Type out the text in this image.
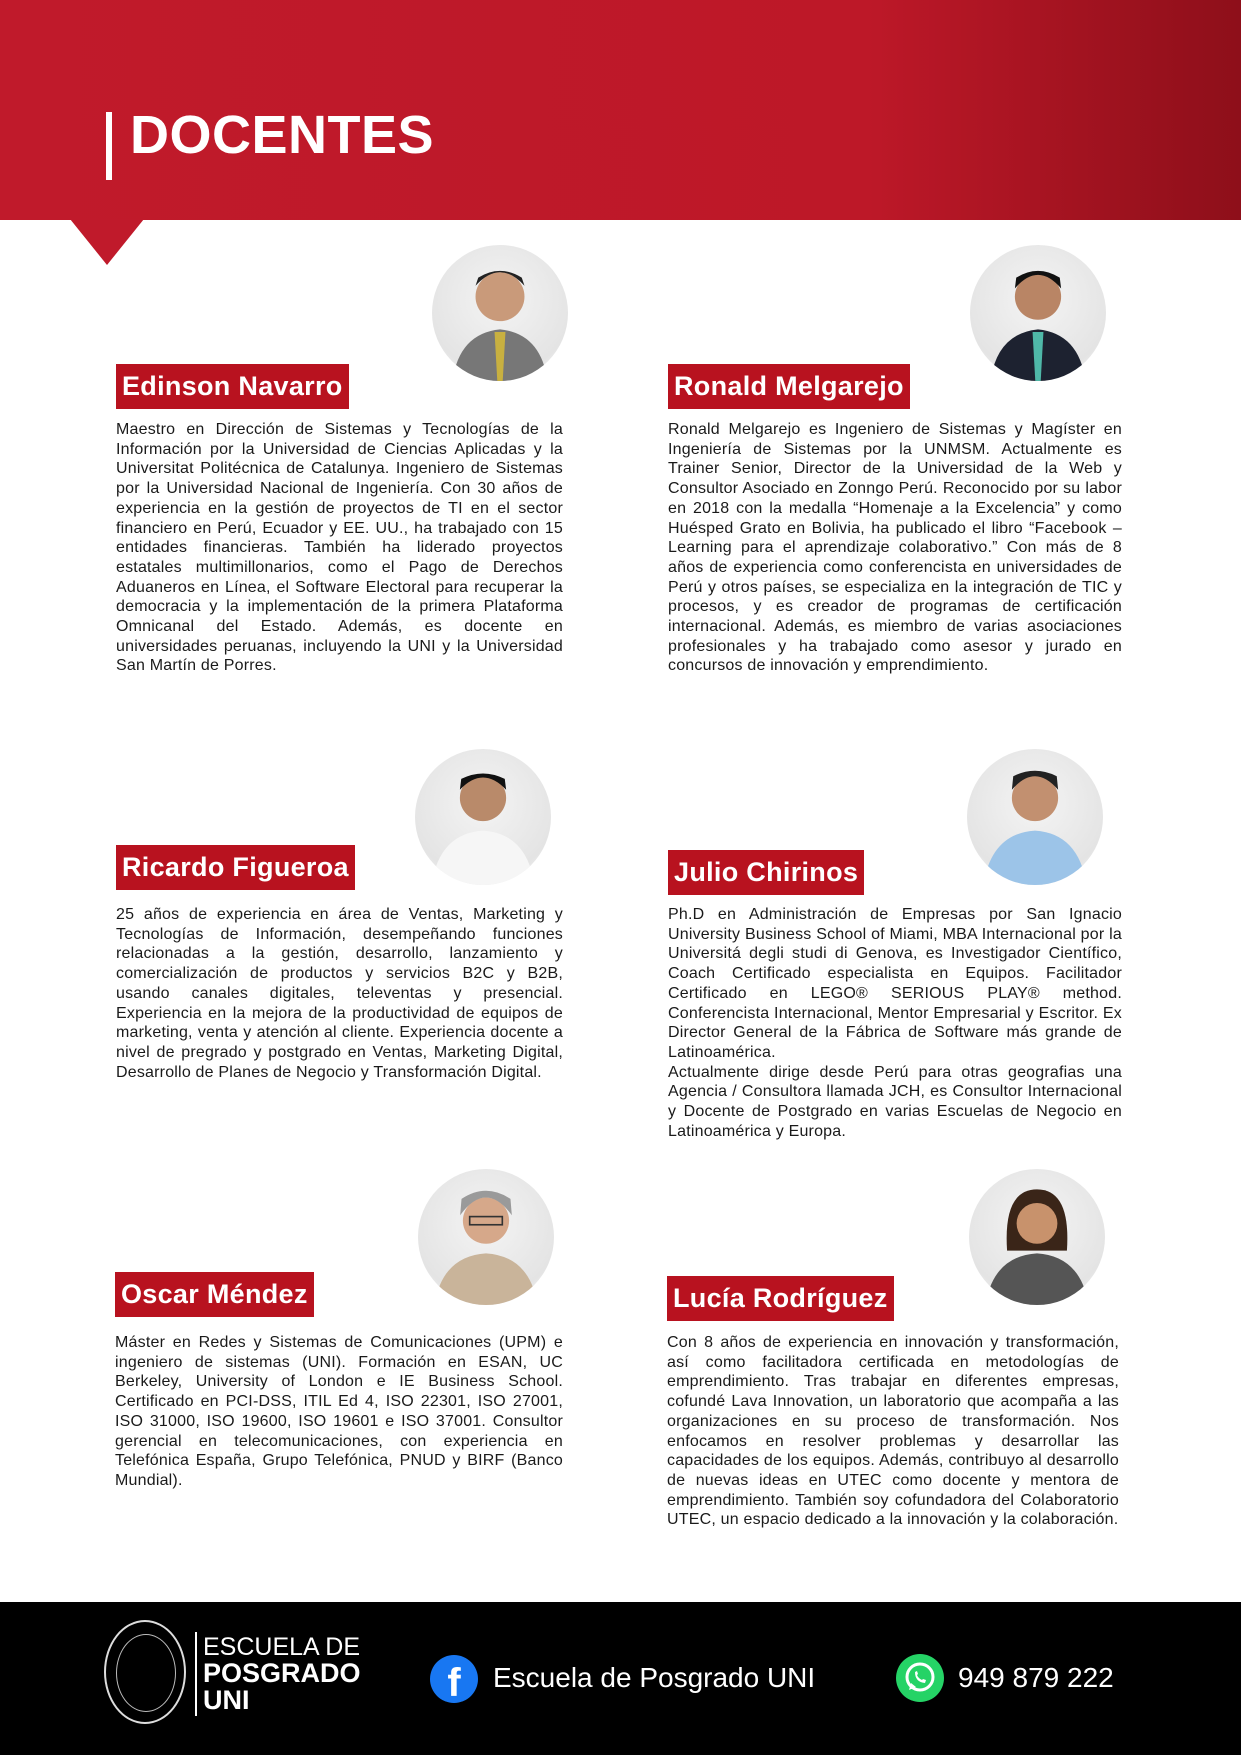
DOCENTES
Edinson Navarro
Maestro en Dirección de Sistemas y Tecnologías de la Información por la Universidad de Ciencias Aplicadas y la Universitat Politécnica de Catalunya. Ingeniero de Sistemas por la Universidad Nacional de Ingeniería. Con 30 años de experiencia en la gestión de proyectos de TI en el sector financiero en Perú, Ecuador y EE. UU., ha trabajado con 15 entidades financieras. También ha liderado proyectos estatales multimillonarios, como el Pago de Derechos Aduaneros en Línea, el Software Electoral para recuperar la democracia y la implementación de la primera Plataforma Omnicanal del Estado. Además, es docente en universidades peruanas, incluyendo la UNI y la Universidad San Martín de Porres.
Ronald Melgarejo
Ronald Melgarejo es Ingeniero de Sistemas y Magíster en Ingeniería de Sistemas por la UNMSM. Actualmente es Trainer Senior, Director de la Universidad de la Web y Consultor Asociado en Zonngo Perú. Reconocido por su labor en 2018 con la medalla “Homenaje a la Excelencia” y como Huésped Grato en Bolivia, ha publicado el libro “Facebook – Learning para el aprendizaje colaborativo.” Con más de 8 años de experiencia como conferencista en universidades de Perú y otros países, se especializa en la integración de TIC y procesos, y es creador de programas de certificación internacional. Además, es miembro de varias asociaciones profesionales y ha trabajado como asesor y jurado en concursos de innovación y emprendimiento.
Ricardo Figueroa
25 años de experiencia en área de Ventas, Marketing y Tecnologías de Información, desempeñando funciones relacionadas a la gestión, desarrollo, lanzamiento y comercialización de productos y servicios B2C y B2B, usando canales digitales, televentas y presencial. Experiencia en la mejora de la productividad de equipos de marketing, venta y atención al cliente. Experiencia docente a nivel de pregrado y postgrado en Ventas, Marketing Digital, Desarrollo de Planes de Negocio y Transformación Digital.
Julio Chirinos
Ph.D en Administración de Empresas por San Ignacio University Business School of Miami, MBA Internacional por la Universitá degli studi di Genova, es Investigador Científico, Coach Certificado especialista en Equipos. Facilitador Certificado en LEGO® SERIOUS PLAY® method. Conferencista Internacional, Mentor Empresarial y Escritor. Ex Director General de la Fábrica de Software más grande de Latinoamérica.
Actualmente dirige desde Perú para otras geografias una Agencia / Consultora llamada JCH, es Consultor Internacional y Docente de Postgrado en varias Escuelas de Negocio en Latinoamérica y Europa.
Oscar Méndez
Máster en Redes y Sistemas de Comunicaciones (UPM) e ingeniero de sistemas (UNI). Formación en ESAN, UC Berkeley, University of London e IE Business School. Certificado en PCI-DSS, ITIL Ed 4, ISO 22301, ISO 27001, ISO 31000, ISO 19600, ISO 19601 e ISO 37001. Consultor gerencial en telecomunicaciones, con experiencia en Telefónica España, Grupo Telefónica, PNUD y BIRF (Banco Mundial).
Lucía Rodríguez
Con 8 años de experiencia en innovación y transformación, así como facilitadora certificada en metodologías de emprendimiento. Tras trabajar en diferentes empresas, cofundé Lava Innovation, un laboratorio que acompaña a las organizaciones en su proceso de transformación. Nos enfocamos en resolver problemas y desarrollar las capacidades de los equipos. Además, contribuyo al desarrollo de nuevas ideas en UTEC como docente y mentora de emprendimiento. También soy cofundadora del Colaboratorio UTEC, un espacio dedicado a la innovación y la colaboración.
ESCUELA DE
POSGRADO
UNI	f	Escuela de Posgrado UNI	949 879 222
